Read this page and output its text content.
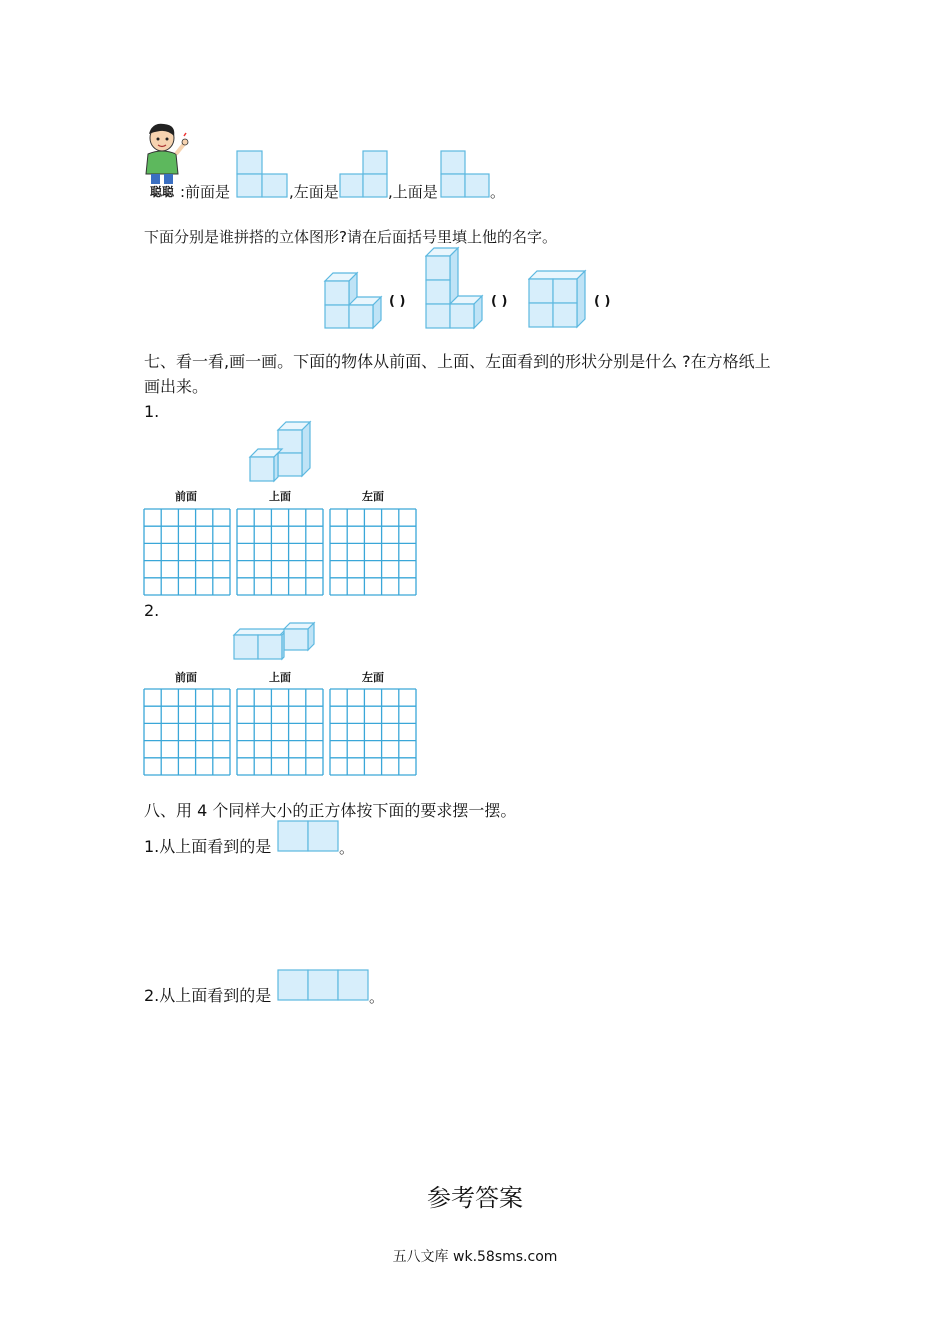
聪聪 :前面是	,左面是	,上面是	。
下面分别是谁拼搭的立体图形?请在后面括号里填上他的名字。
( )	( )	( )
七、看一看,画一画。下面的物体从前面、上面、左面看到的形状分别是什么 ?在方格纸上
画出来。
1.
前面	上面	左面
2.
前面	上面	左面
八、用 4 个同样大小的正方体按下面的要求摆一摆。
1.从上面看到的是	。
2.从上面看到的是	。
参考答案
五八文库 wk.58sms.com
